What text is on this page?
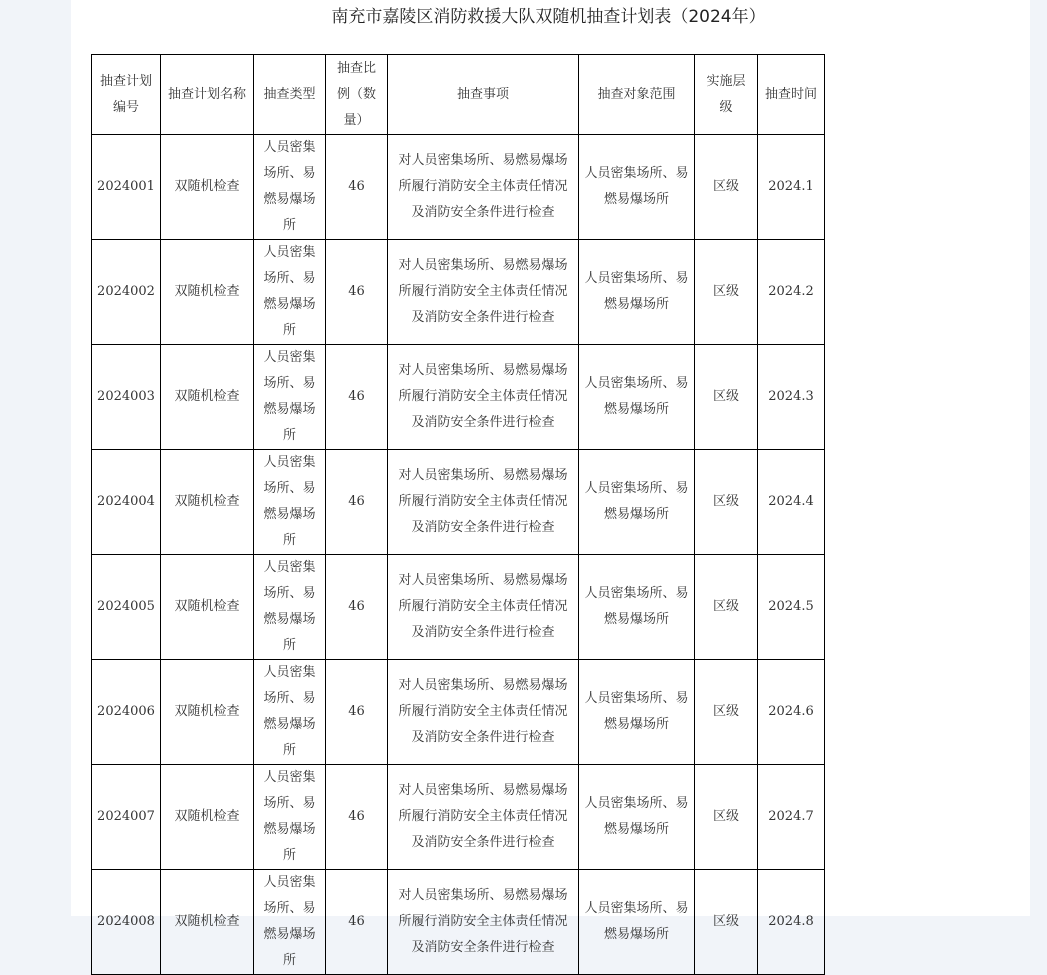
南充市嘉陵区消防救援大队双随机抽查计划表（2024年）
抽查计划编号	抽查计划名称	抽查类型	抽查比例（数量）	抽查事项	抽查对象范围	实施层级	抽查时间
2024001	双随机检查	人员密集场所、易燃易爆场所	46	对人员密集场所、易燃易爆场所履行消防安全主体责任情况及消防安全条件进行检查	人员密集场所、易燃易爆场所	区级	2024.1
2024002	双随机检查	人员密集场所、易燃易爆场所	46	对人员密集场所、易燃易爆场所履行消防安全主体责任情况及消防安全条件进行检查	人员密集场所、易燃易爆场所	区级	2024.2
2024003	双随机检查	人员密集场所、易燃易爆场所	46	对人员密集场所、易燃易爆场所履行消防安全主体责任情况及消防安全条件进行检查	人员密集场所、易燃易爆场所	区级	2024.3
2024004	双随机检查	人员密集场所、易燃易爆场所	46	对人员密集场所、易燃易爆场所履行消防安全主体责任情况及消防安全条件进行检查	人员密集场所、易燃易爆场所	区级	2024.4
2024005	双随机检查	人员密集场所、易燃易爆场所	46	对人员密集场所、易燃易爆场所履行消防安全主体责任情况及消防安全条件进行检查	人员密集场所、易燃易爆场所	区级	2024.5
2024006	双随机检查	人员密集场所、易燃易爆场所	46	对人员密集场所、易燃易爆场所履行消防安全主体责任情况及消防安全条件进行检查	人员密集场所、易燃易爆场所	区级	2024.6
2024007	双随机检查	人员密集场所、易燃易爆场所	46	对人员密集场所、易燃易爆场所履行消防安全主体责任情况及消防安全条件进行检查	人员密集场所、易燃易爆场所	区级	2024.7
2024008	双随机检查	人员密集场所、易燃易爆场所	46	对人员密集场所、易燃易爆场所履行消防安全主体责任情况及消防安全条件进行检查	人员密集场所、易燃易爆场所	区级	2024.8
